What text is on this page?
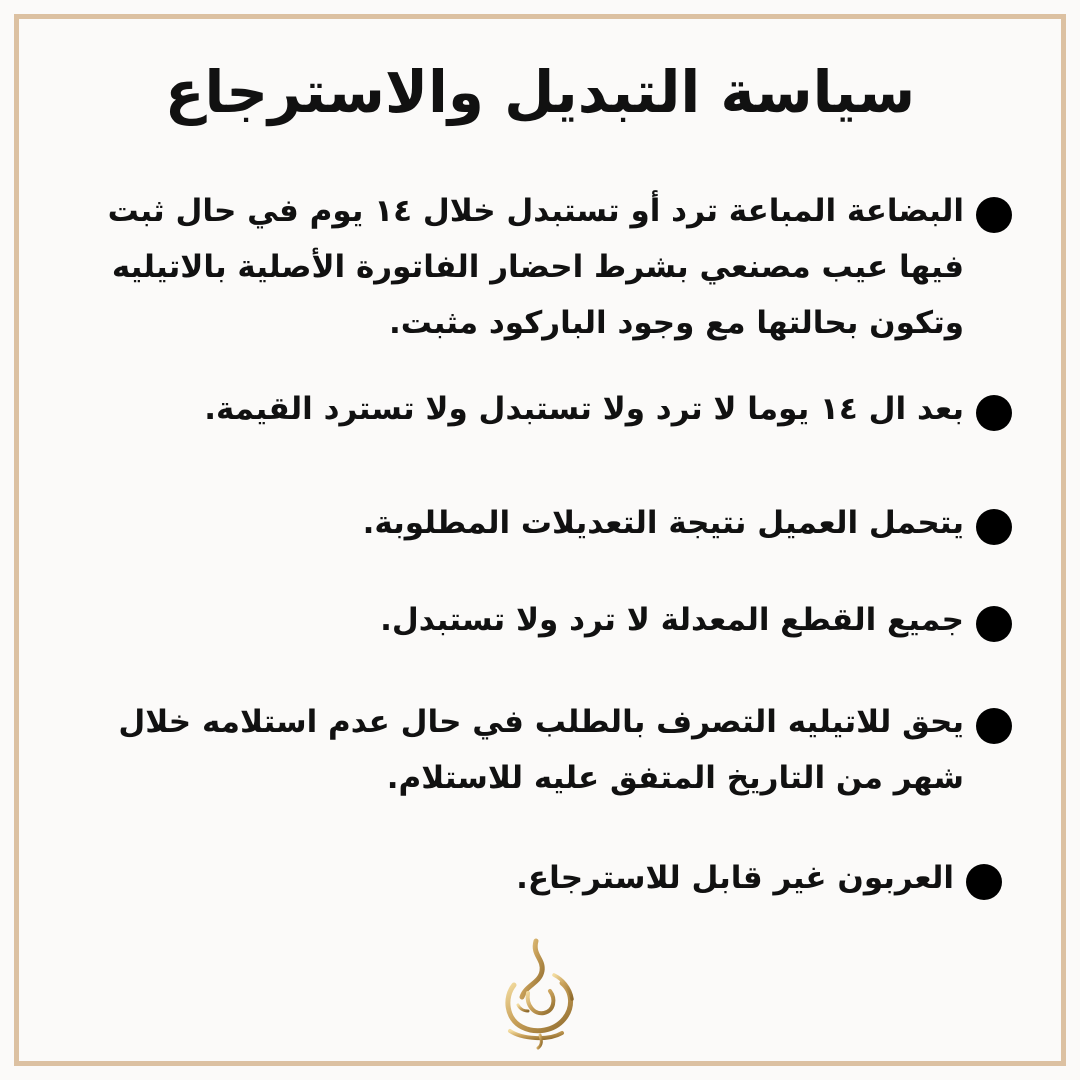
سياسة التبديل والاسترجاع
البضاعة المباعة ترد أو تستبدل خلال ١٤ يوم في حال ثبت فيها عيب مصنعي بشرط احضار الفاتورة الأصلية بالاتيليه وتكون بحالتها مع وجود الباركود مثبت.
بعد ال ١٤ يوما لا ترد ولا تستبدل ولا تسترد القيمة.
يتحمل العميل نتيجة التعديلات المطلوبة.
جميع القطع المعدلة لا ترد ولا تستبدل.
يحق للاتيليه التصرف بالطلب في حال عدم استلامه خلال شهر من التاريخ المتفق عليه للاستلام.
العربون غير قابل للاسترجاع.
